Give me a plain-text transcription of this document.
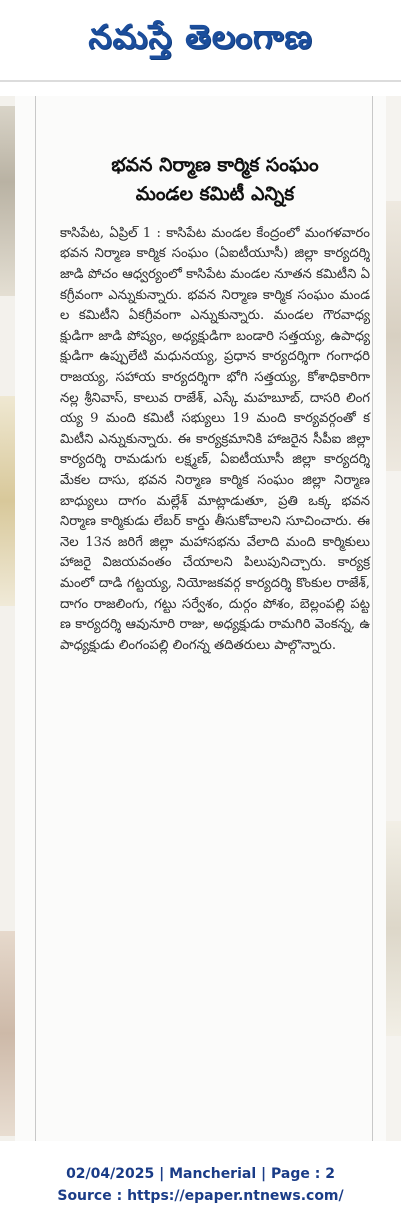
నమస్తే తెలంగాణ
భవన నిర్మాణ కార్మిక సంఘం
మండల కమిటీ ఎన్నిక

కాసిపేట, ఏప్రిల్ 1 : కాసిపేట మండల కేంద్రంలో మంగళవారం భవన నిర్మాణ కార్మిక సంఘం (ఏఐటీయూసీ) జిల్లా కార్యదర్శి జాడి పోచం ఆధ్వర్యంలో కాసిపేట మండల నూతన కమిటీని ఏకగ్రీవంగా ఎన్నుకున్నారు. భవన నిర్మాణ కార్మిక సంఘం మండల కమిటీని ఏకగ్రీవంగా ఎన్నుకున్నారు. మండల గౌరవాధ్యక్షుడిగా జాడి పోష్యం, అధ్యక్షుడిగా బండారి సత్తయ్య, ఉపాధ్యక్షుడిగా ఉప్పులేటి మధునయ్య, ప్రధాన కార్యదర్శిగా గంగాధరి రాజయ్య, సహాయ కార్యదర్శిగా భోగి సత్తయ్య, కోశాధికారిగా నల్ల శ్రీనివాస్, కాలువ రాజేశ్, ఎస్కే మహబూబ్, దాసరి లింగయ్య 9 మంది కమిటీ సభ్యులు 19 మంది కార్యవర్గంతో కమిటీని ఎన్నుకున్నారు. ఈ కార్యక్రమానికి హాజరైన సీపీఐ జిల్లా కార్యదర్శి రామడుగు లక్ష్మణ్, ఏఐటీయూసీ జిల్లా కార్యదర్శి మేకల దాసు, భవన నిర్మాణ కార్మిక సంఘం జిల్లా నిర్మాణ బాధ్యులు దాగం మల్లేశ్ మాట్లాడుతూ, ప్రతి ఒక్క భవన నిర్మాణ కార్మికుడు లేబర్ కార్డు తీసుకోవాలని సూచించారు. ఈ నెల 13న జరిగే జిల్లా మహాసభను వేలాది మంది కార్మికులు హాజరై విజయవంతం చేయాలని పిలుపునిచ్చారు. కార్యక్రమంలో దాడి గట్టయ్య, నియోజకవర్గ కార్యదర్శి కొంకుల రాజేశ్, దాగం రాజలింగు, గట్టు సర్వేశం, దుర్గం పోశం, బెల్లంపల్లి పట్టణ కార్యదర్శి ఆవునూరి రాజు, అధ్యక్షుడు రామగిరి వెంకన్న, ఉపాధ్యక్షుడు లింగంపల్లి లింగన్న తదితరులు పాల్గొన్నారు.

02/04/2025 | Mancherial | Page : 2
Source : https://epaper.ntnews.com/
